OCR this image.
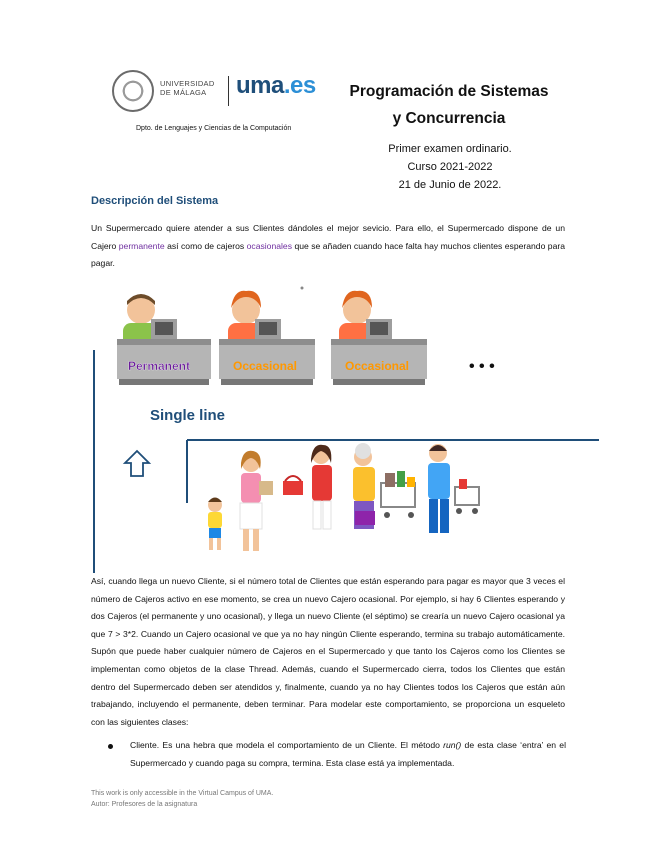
UNIVERSIDAD
DE MÁLAGA	uma.es
Dpto. de Lenguajes y Ciencias de la Computación
Programación de Sistemas
y Concurrencia
Primer examen ordinario.
Curso 2021-2022
21 de Junio de 2022.
Descripción del Sistema
Un Supermercado quiere atender a sus Clientes dándoles el mejor sevicio. Para ello, el Supermercado dispone de un Cajero permanente así como de cajeros ocasionales que se añaden cuando hace falta hay muchos clientes esperando para pagar.
Permanent	Occasional	Occasional	• • •
Single line
Así, cuando llega un nuevo Cliente, si el número total de Clientes que están esperando para pagar es mayor que 3 veces el número de Cajeros activo en ese momento, se crea un nuevo Cajero ocasional. Por ejemplo, si hay 6 Clientes esperando y dos Cajeros (el permanente y uno ocasional), y llega un nuevo Cliente (el séptimo) se crearía un nuevo Cajero ocasional ya que 7 > 3*2. Cuando un Cajero ocasional ve que ya no hay ningún Cliente esperando, termina su trabajo automáticamente. Supón que puede haber cualquier número de Cajeros en el Supermercado y que tanto los Cajeros como los Clientes se implementan como objetos de la clase Thread. Además, cuando el Supermercado cierra, todos los Clientes que están dentro del Supermercado deben ser atendidos y, finalmente, cuando ya no hay Clientes todos los Cajeros que están aún trabajando, incluyendo el permanente, deben terminar. Para modelar este comportamiento, se proporciona un esqueleto con las siguientes clases:
Cliente. Es una hebra que modela el comportamiento de un Cliente. El método run() de esta clase ‘entra’ en el Supermercado y cuando paga su compra, termina. Esta clase está ya implementada.
This work is only accessible in the Virtual Campus of UMA.
Autor: Profesores de la asignatura
